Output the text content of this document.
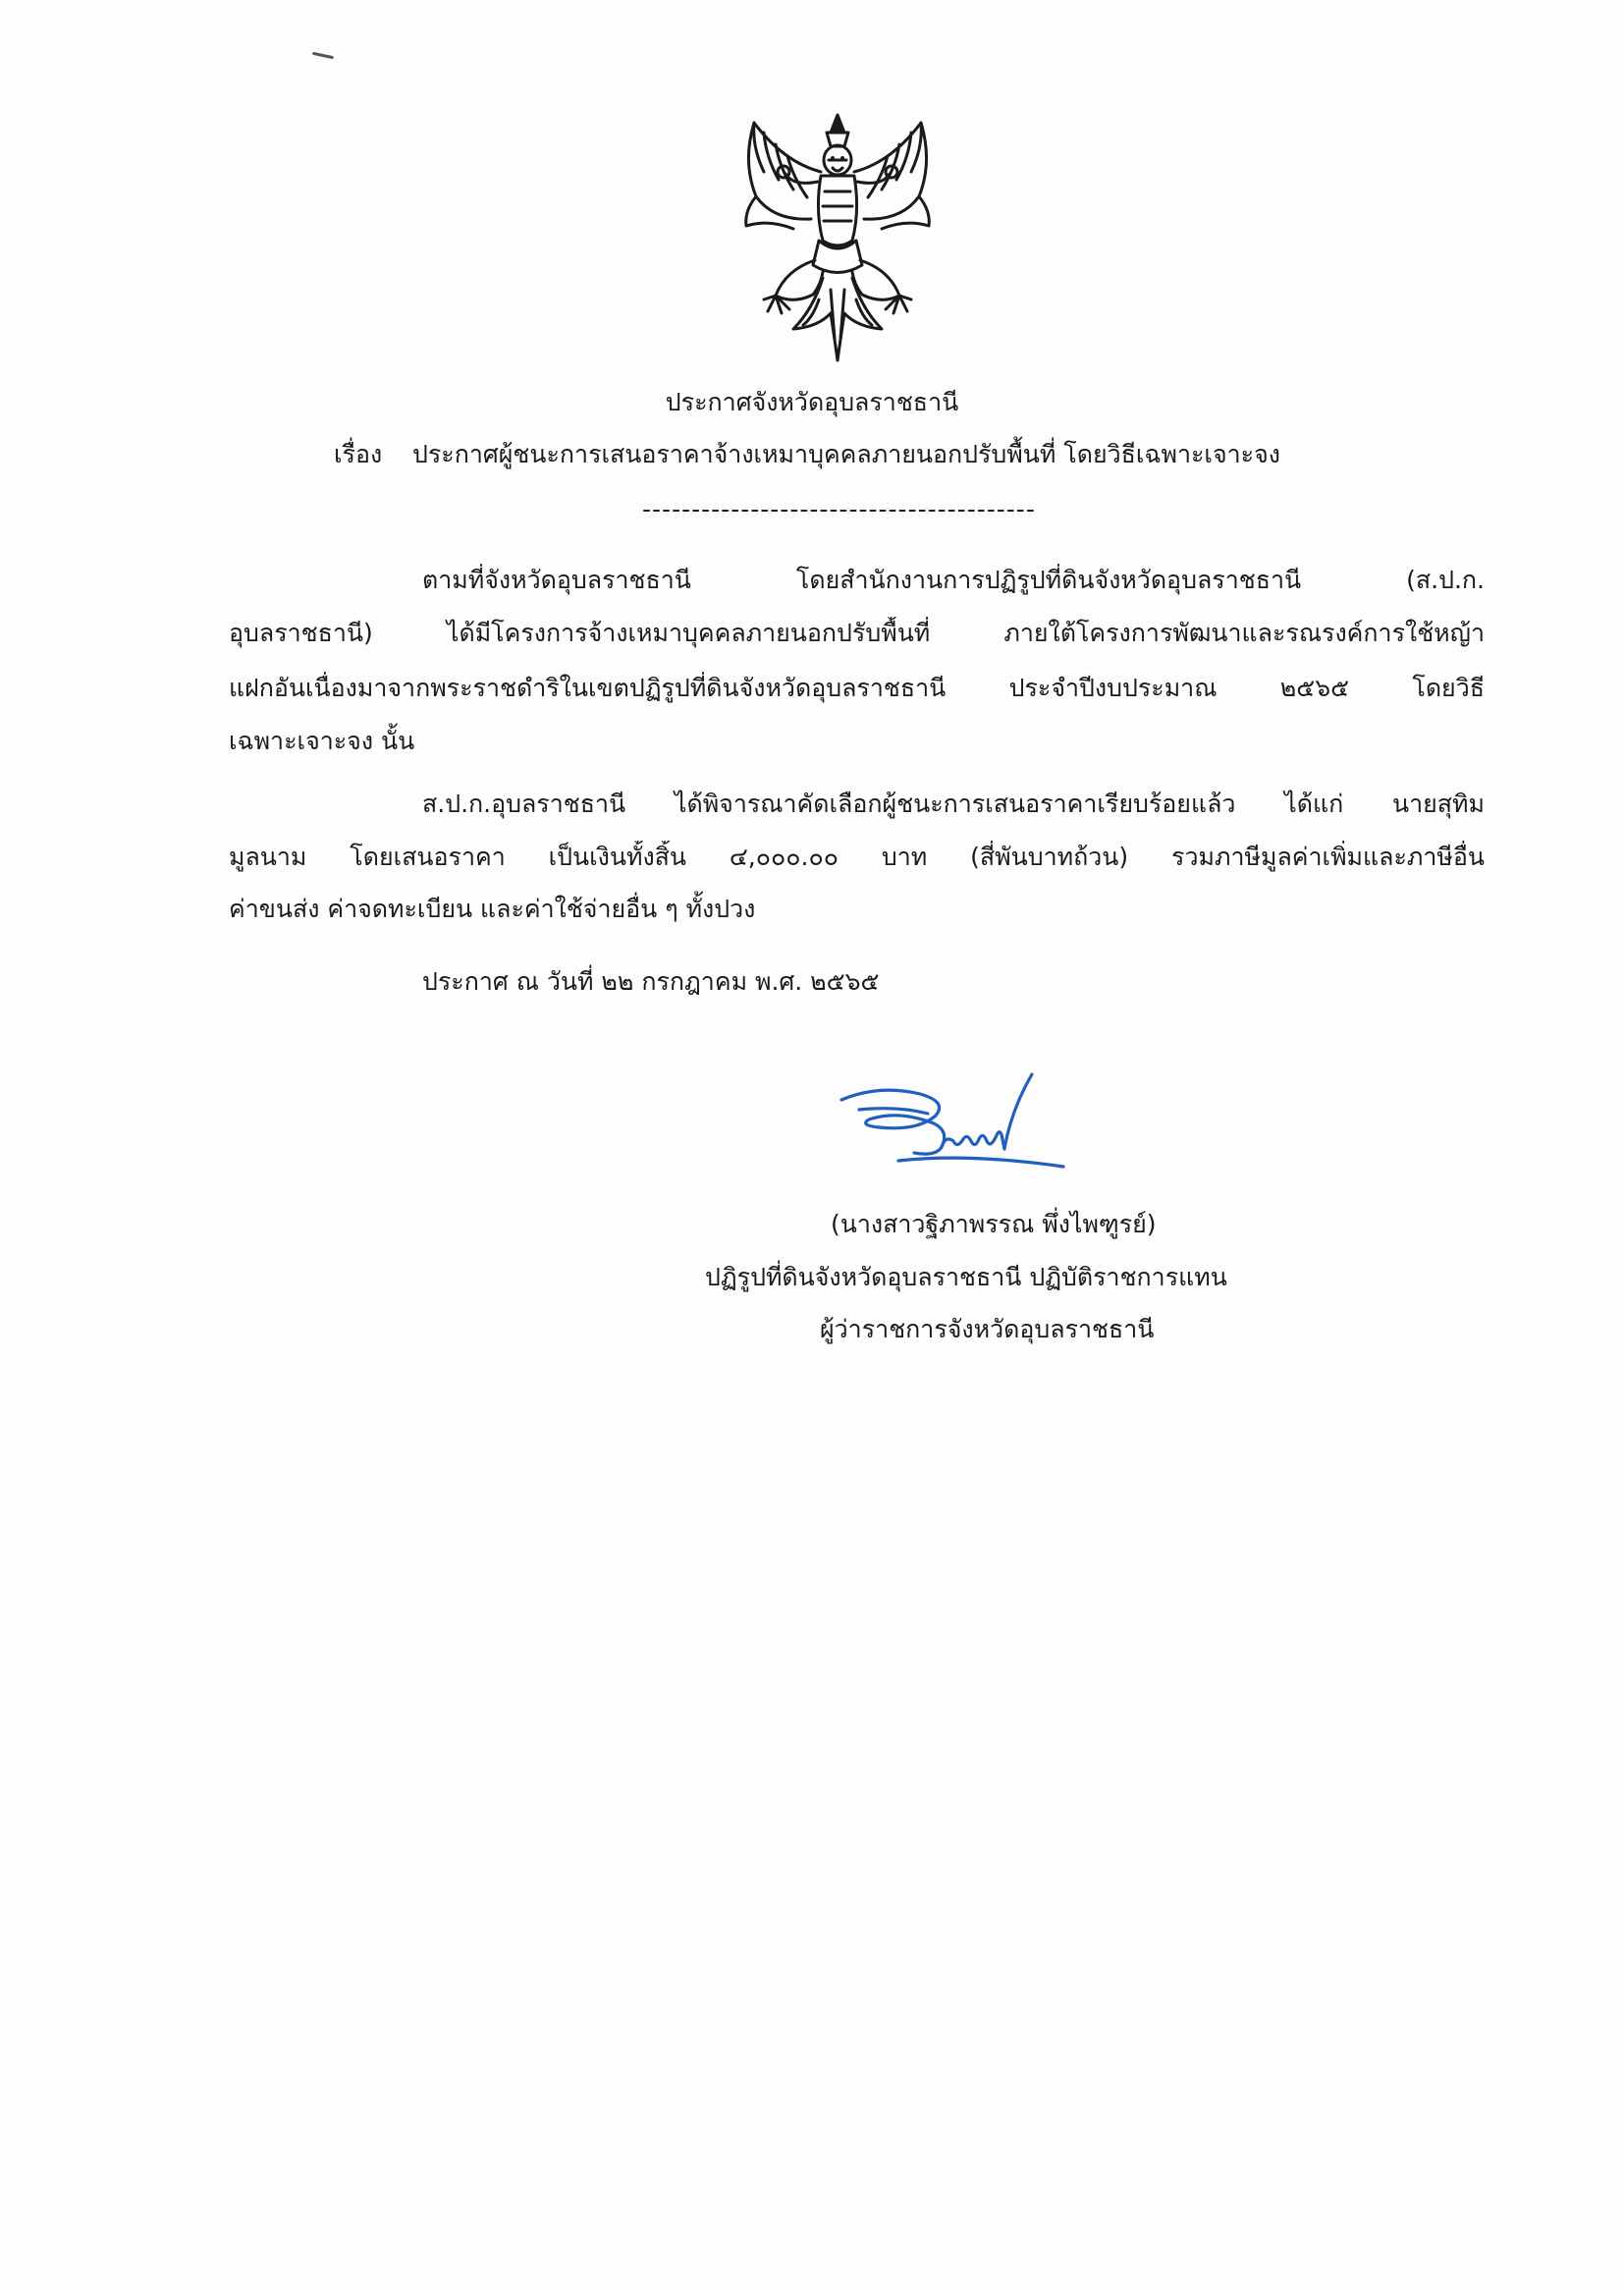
ประกาศจังหวัดอุบลราชธานี
เรื่อง ประกาศผู้ชนะการเสนอราคาจ้างเหมาบุคคลภายนอกปรับพื้นที่ โดยวิธีเฉพาะเจาะจง
----------------------------------------
ตามที่จังหวัดอุบลราชธานี โดยสำนักงานการปฏิรูปที่ดินจังหวัดอุบลราชธานี (ส.ป.ก.
อุบลราชธานี) ได้มีโครงการจ้างเหมาบุคคลภายนอกปรับพื้นที่ ภายใต้โครงการพัฒนาและรณรงค์การใช้หญ้า
แฝกอันเนื่องมาจากพระราชดำริในเขตปฏิรูปที่ดินจังหวัดอุบลราชธานี ประจำปีงบประมาณ ๒๕๖๕ โดยวิธี
เฉพาะเจาะจง นั้น
ส.ป.ก.อุบลราชธานี ได้พิจารณาคัดเลือกผู้ชนะการเสนอราคาเรียบร้อยแล้ว ได้แก่ นายสุทิม
มูลนาม โดยเสนอราคา เป็นเงินทั้งสิ้น ๔,๐๐๐.๐๐ บาท (สี่พันบาทถ้วน) รวมภาษีมูลค่าเพิ่มและภาษีอื่น
ค่าขนส่ง ค่าจดทะเบียน และค่าใช้จ่ายอื่น ๆ ทั้งปวง
ประกาศ ณ วันที่ ๒๒ กรกฎาคม พ.ศ. ๒๕๖๕
(นางสาวฐิภาพรรณ พึ่งไพฑูรย์)
ปฏิรูปที่ดินจังหวัดอุบลราชธานี ปฏิบัติราชการแทน
ผู้ว่าราชการจังหวัดอุบลราชธานี
